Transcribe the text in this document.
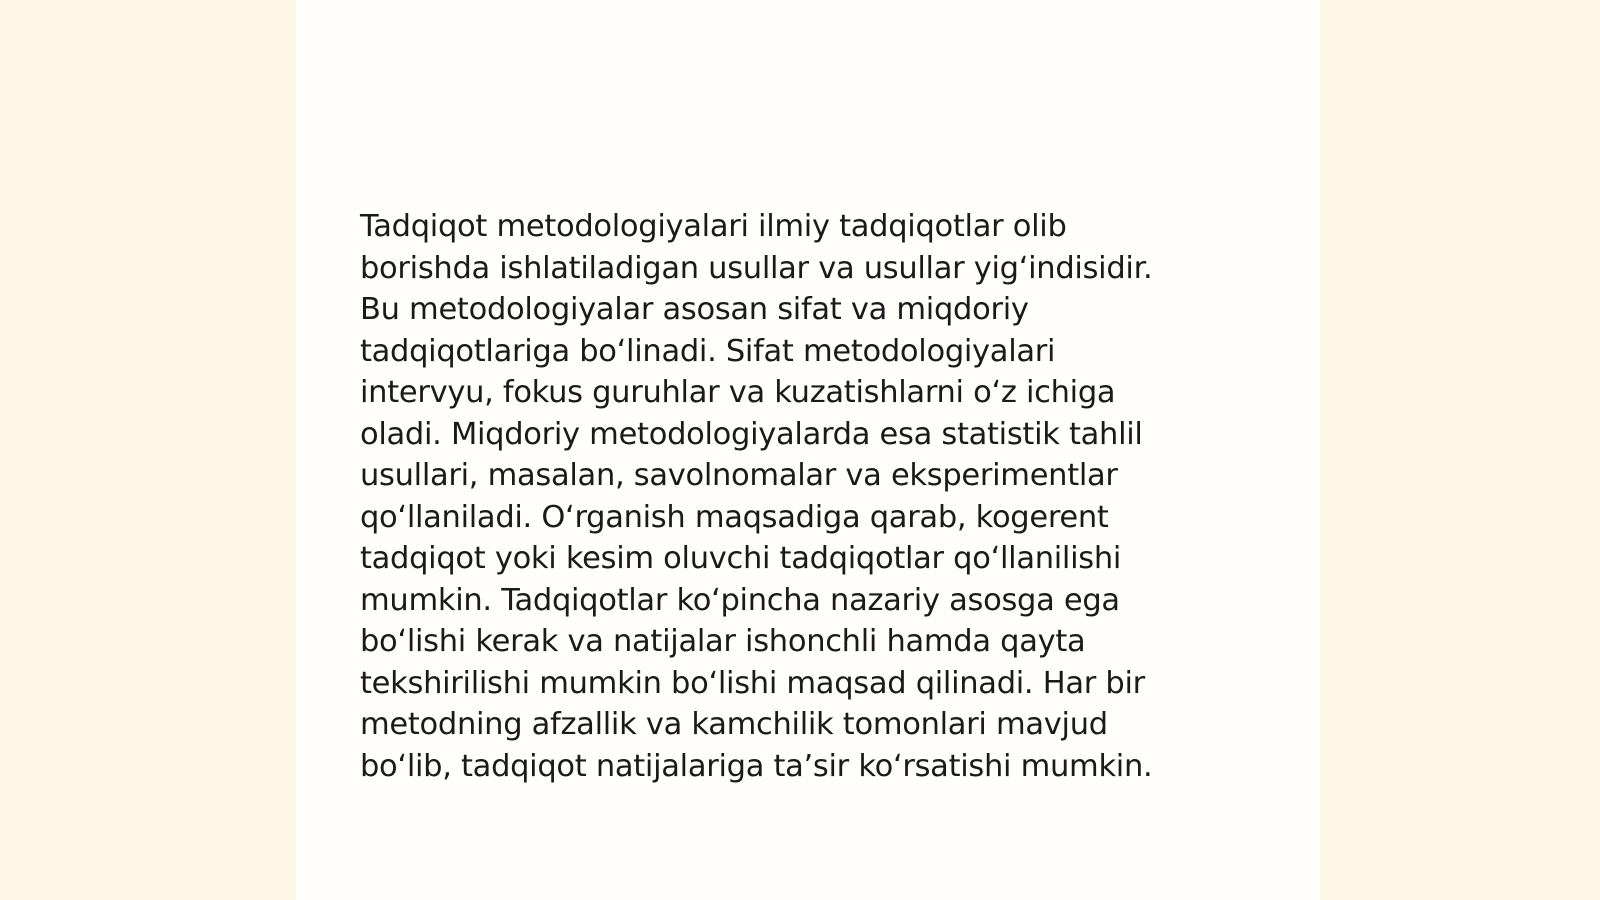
Tadqiqot metodologiyalari ilmiy tadqiqotlar olib
borishda ishlatiladigan usullar va usullar yigʻindisidir.
Bu metodologiyalar asosan sifat va miqdoriy
tadqiqotlariga boʻlinadi. Sifat metodologiyalari
intervyu, fokus guruhlar va kuzatishlarni oʻz ichiga
oladi. Miqdoriy metodologiyalarda esa statistik tahlil
usullari, masalan, savolnomalar va eksperimentlar
qoʻllaniladi. Oʻrganish maqsadiga qarab, kogerent
tadqiqot yoki kesim oluvchi tadqiqotlar qoʻllanilishi
mumkin. Tadqiqotlar koʻpincha nazariy asosga ega
boʻlishi kerak va natijalar ishonchli hamda qayta
tekshirilishi mumkin boʻlishi maqsad qilinadi. Har bir
metodning afzallik va kamchilik tomonlari mavjud
boʻlib, tadqiqot natijalariga taʼsir koʻrsatishi mumkin.
